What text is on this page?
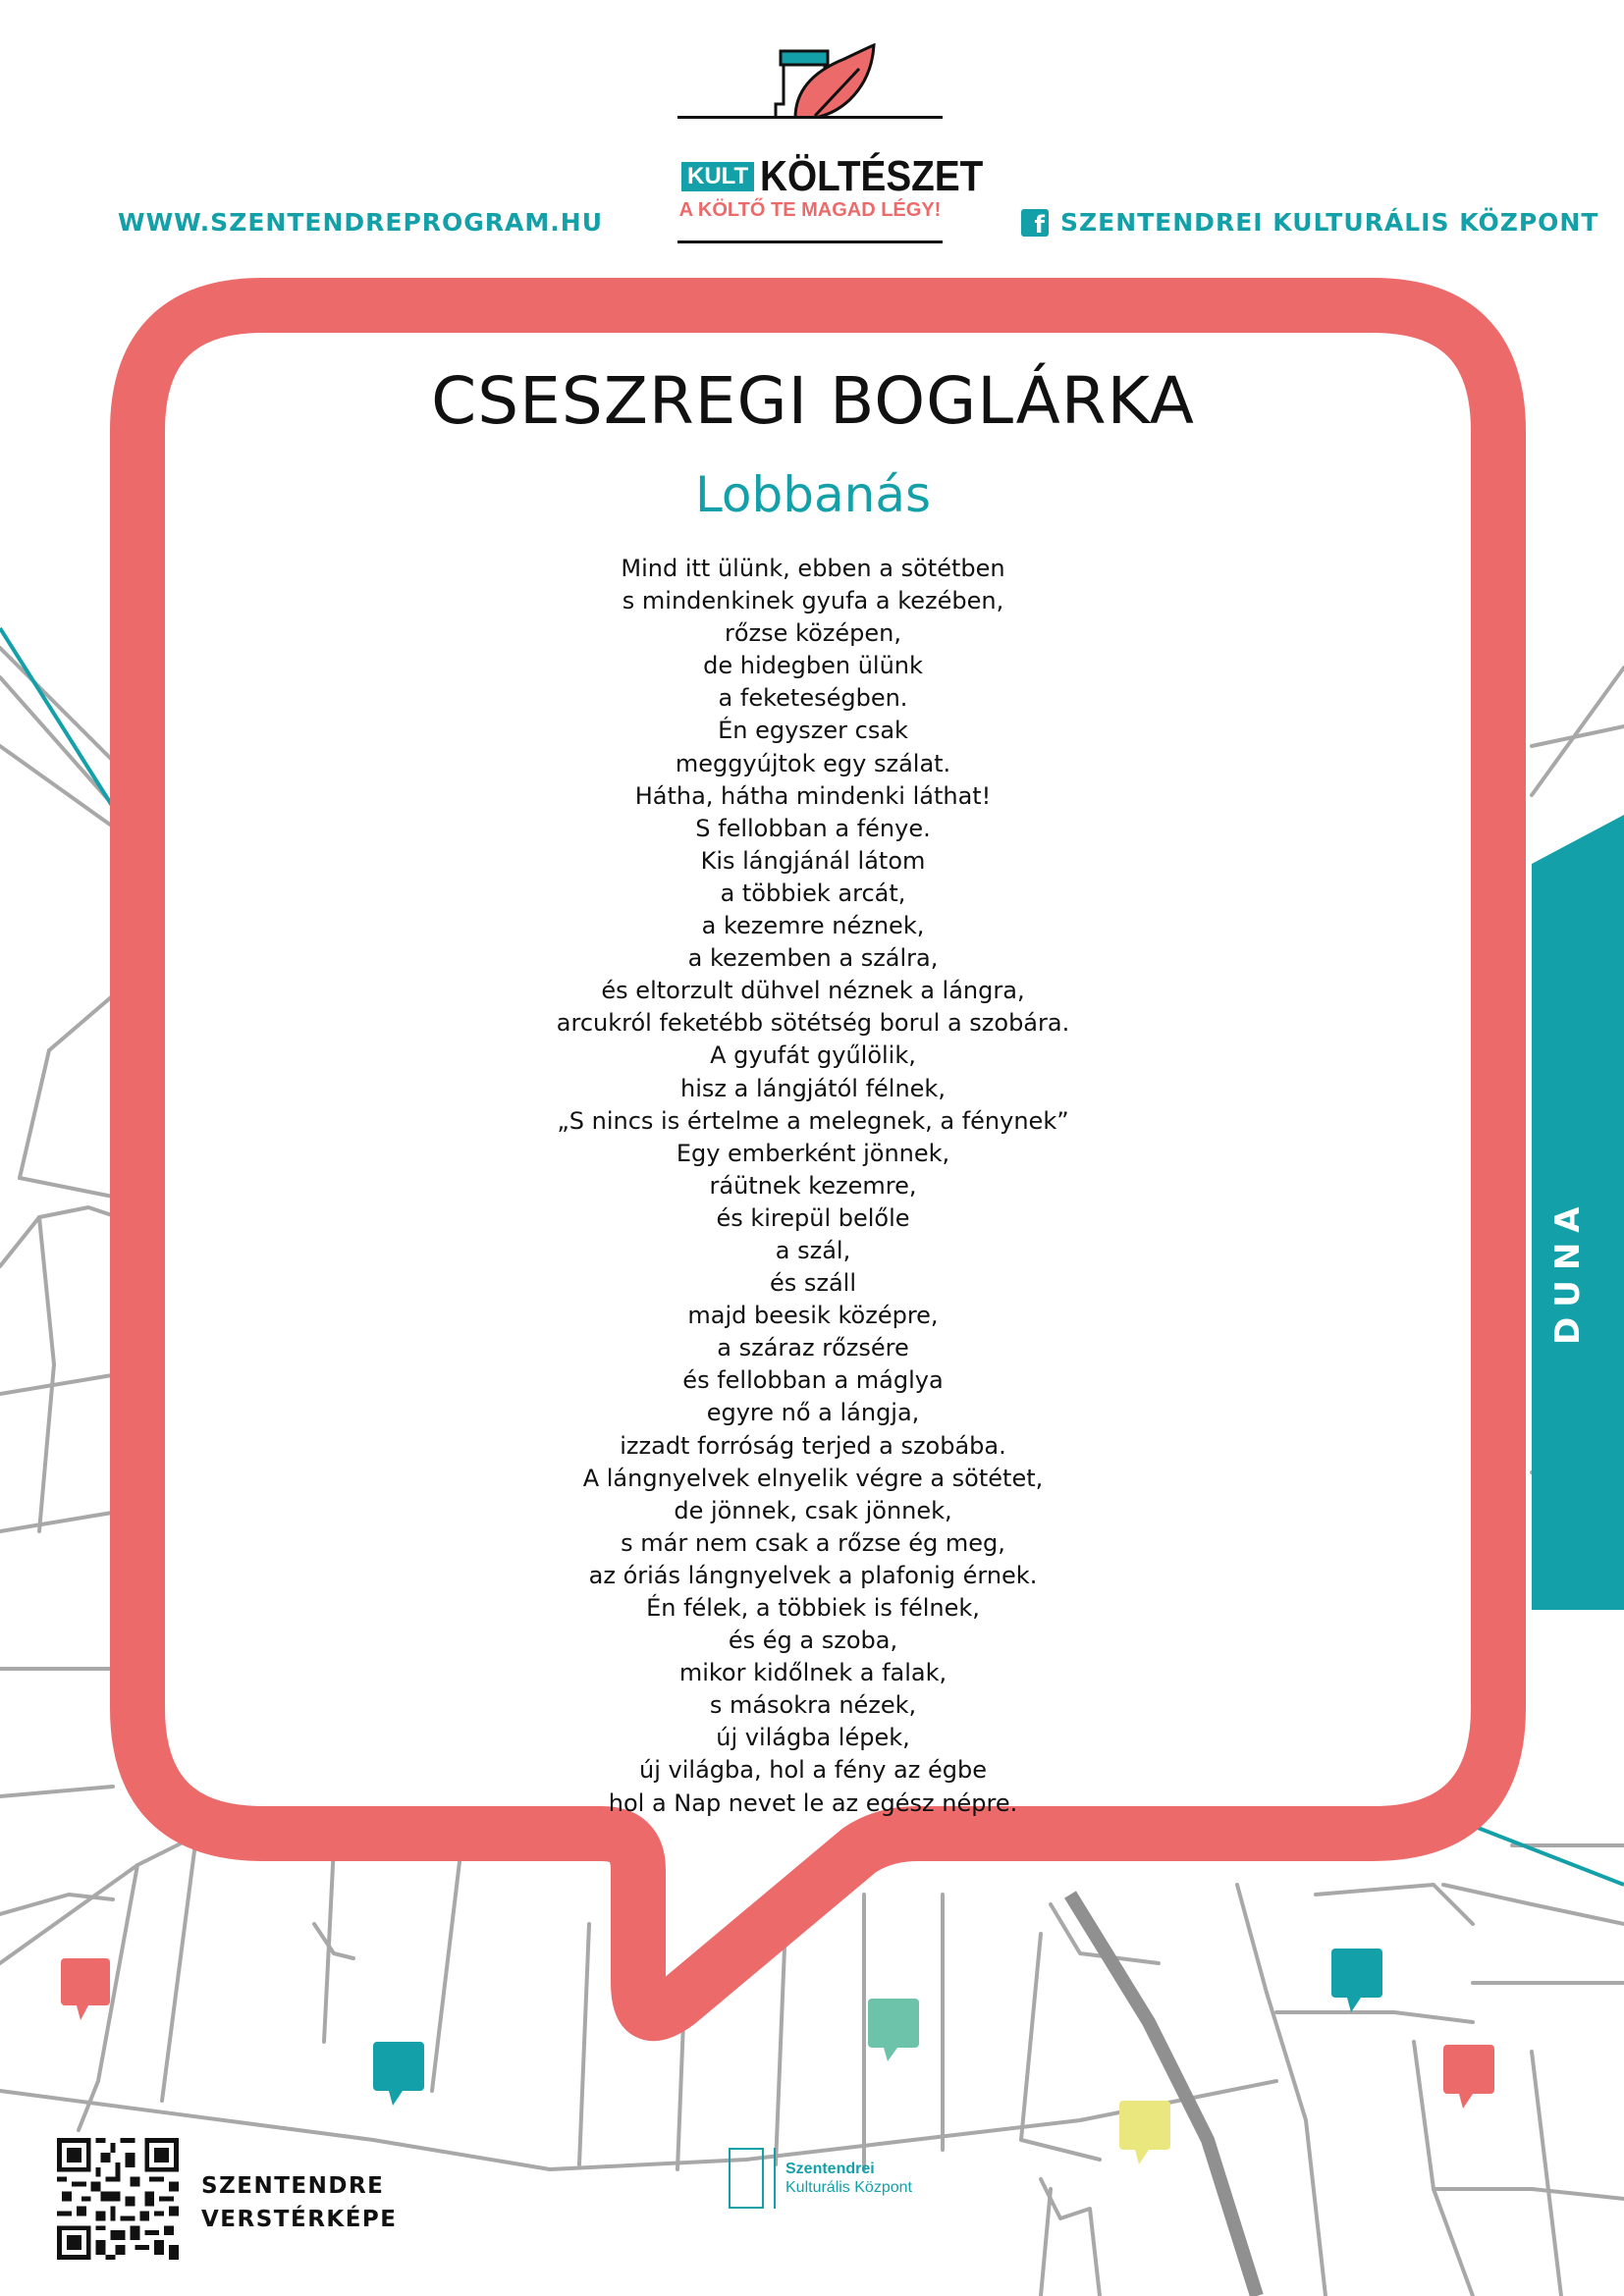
WWW.SZENTENDREPROGRAM.HU	f SZENTENDREI KULTURÁLIS KÖZPONT
KULT KÖLTÉSZET
A KÖLTŐ TE MAGAD LÉGY!
CSESZREGI BOGLÁRKA
Lobbanás
Mind itt ülünk, ebben a sötétben
s mindenkinek gyufa a kezében,
rőzse középen,
de hidegben ülünk
a feketeségben.
Én egyszer csak
meggyújtok egy szálat.
Hátha, hátha mindenki láthat!
S fellobban a fénye.
Kis lángjánál látom
a többiek arcát,
a kezemre néznek,
a kezemben a szálra,
és eltorzult dühvel néznek a lángra,
arcukról feketébb sötétség borul a szobára.
A gyufát gyűlölik,
hisz a lángjától félnek,
„S nincs is értelme a melegnek, a fénynek”
Egy emberként jönnek,
ráütnek kezemre,
és kirepül belőle
a szál,
és száll
majd beesik középre,
a száraz rőzsére
és fellobban a máglya
egyre nő a lángja,
izzadt forróság terjed a szobába.
A lángnyelvek elnyelik végre a sötétet,
de jönnek, csak jönnek,
s már nem csak a rőzse ég meg,
az óriás lángnyelvek a plafonig érnek.
Én félek, a többiek is félnek,
és ég a szoba,
mikor kidőlnek a falak,
s másokra nézek,
új világba lépek,
új világba, hol a fény az égbe
hol a Nap nevet le az egész népre.
DUNA
SZENTENDRE
VERSTÉRKÉPE
Szentendrei
Kulturális Központ
